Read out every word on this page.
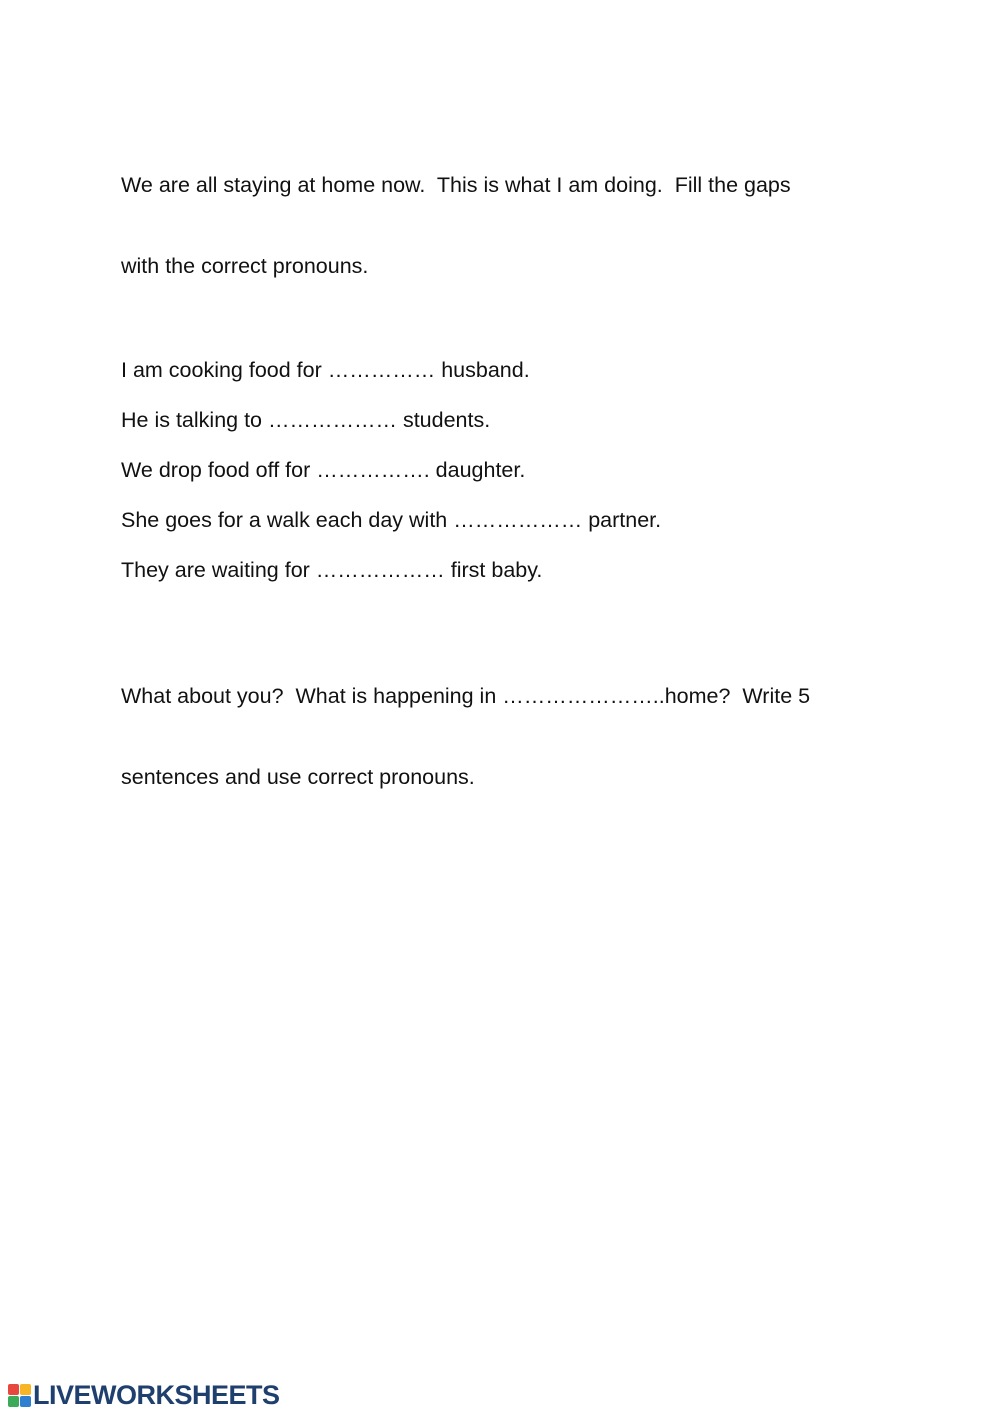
We are all staying at home now.  This is what I am doing.  Fill the gaps

with the correct pronouns.

I am cooking food for …………… husband.

He is talking to ……………… students.

We drop food off for ……………. daughter.

She goes for a walk each day with ……………… partner.

They are waiting for ……………… first baby.

What about you?  What is happening in …………………..home?  Write 5

sentences and use correct pronouns.

LIVEWORKSHEETS
